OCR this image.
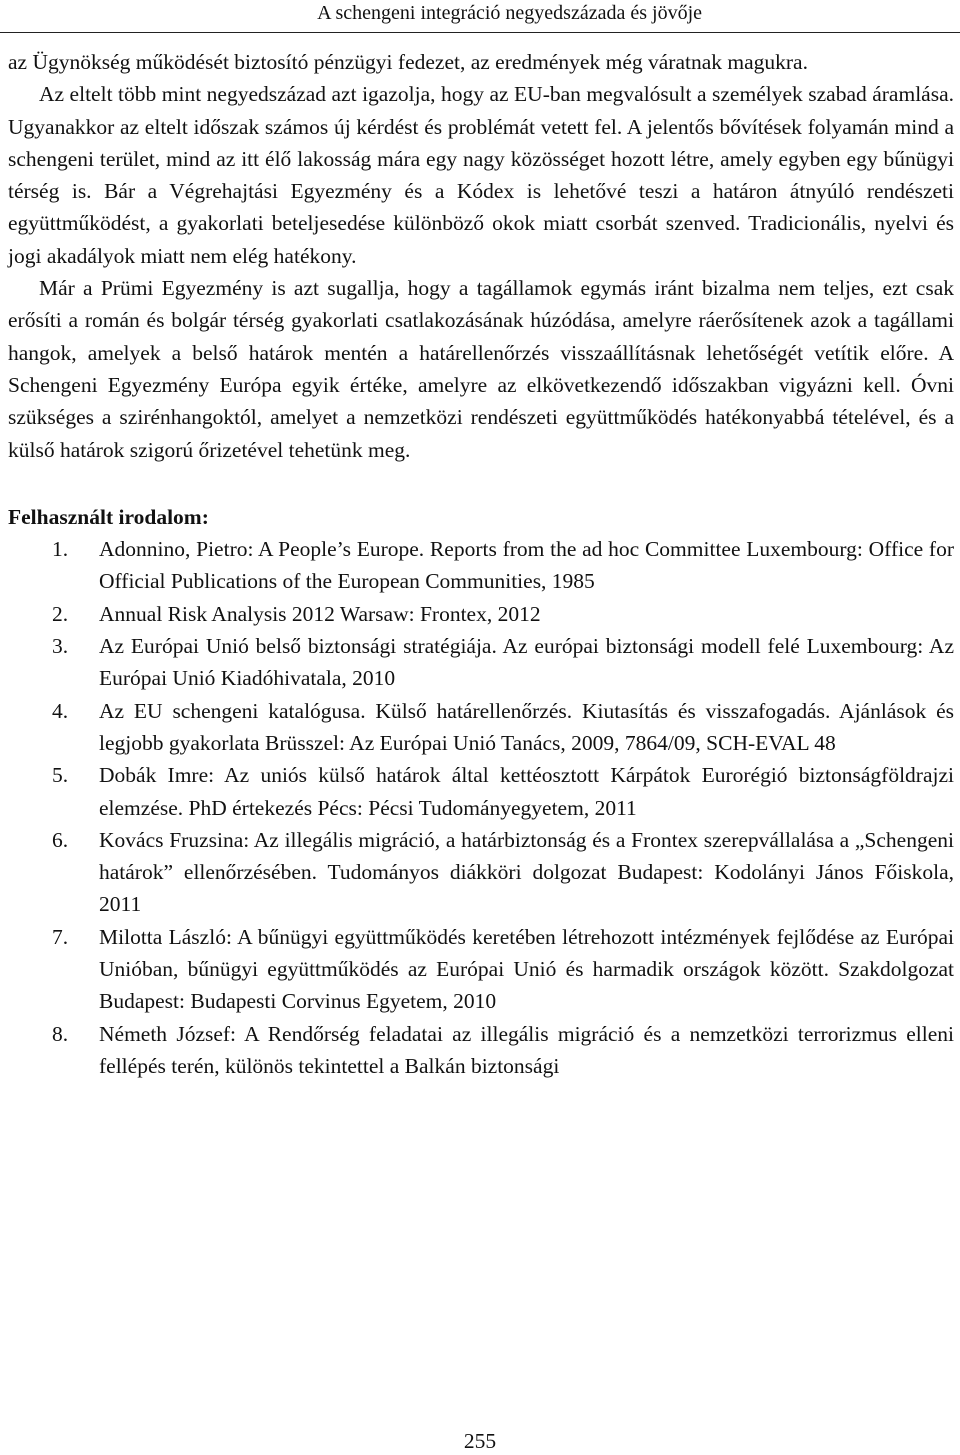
A schengeni integráció negyedszázada és jövője

az Ügynökség működését biztosító pénzügyi fedezet, az eredmények még váratnak magukra.

Az eltelt több mint negyedszázad azt igazolja, hogy az EU-ban megvalósult a személyek szabad áramlása. Ugyanakkor az eltelt időszak számos új kérdést és problémát vetett fel. A jelentős bővítések folyamán mind a schengeni terület, mind az itt élő lakosság mára egy nagy közösséget hozott létre, amely egyben egy bűnügyi térség is. Bár a Végrehajtási Egyezmény és a Kódex is lehetővé teszi a határon átnyúló rendészeti együttműködést, a gyakorlati beteljesedése különböző okok miatt csorbát szenved. Tradicionális, nyelvi és jogi akadályok miatt nem elég hatékony.

Már a Prümi Egyezmény is azt sugallja, hogy a tagállamok egymás iránt bizalma nem teljes, ezt csak erősíti a román és bolgár térség gyakorlati csatlakozásának húzódása, amelyre ráerősítenek azok a tagállami hangok, amelyek a belső határok mentén a határellenőrzés visszaállításnak lehetőségét vetítik előre. A Schengeni Egyezmény Európa egyik értéke, amelyre az elkövetkezendő időszakban vigyázni kell. Óvni szükséges a szirénhangoktól, amelyet a nemzetközi rendészeti együttműködés hatékonyabbá tételével, és a külső határok szigorú őrizetével tehetünk meg.

Felhasznált irodalom:
1. Adonnino, Pietro: A People’s Europe. Reports from the ad hoc Committee Luxembourg: Office for Official Publications of the European Communities, 1985
2. Annual Risk Analysis 2012 Warsaw: Frontex, 2012
3. Az Európai Unió belső biztonsági stratégiája. Az európai biztonsági modell felé Luxembourg: Az Európai Unió Kiadóhivatala, 2010
4. Az EU schengeni katalógusa. Külső határellenőrzés. Kiutasítás és visszafogadás. Ajánlások és legjobb gyakorlata Brüsszel: Az Európai Unió Tanács, 2009, 7864/09, SCH-EVAL 48
5. Dobák Imre: Az uniós külső határok által kettéosztott Kárpátok Eurorégió biztonságföldrajzi elemzése. PhD értekezés Pécs: Pécsi Tudományegyetem, 2011
6. Kovács Fruzsina: Az illegális migráció, a határbiztonság és a Frontex szerepvállalása a „Schengeni határok” ellenőrzésében. Tudományos diákköri dolgozat Budapest: Kodolányi János Főiskola, 2011
7. Milotta László: A bűnügyi együttműködés keretében létrehozott intézmények fejlődése az Európai Unióban, bűnügyi együttműködés az Európai Unió és harmadik országok között. Szakdolgozat Budapest: Budapesti Corvinus Egyetem, 2010
8. Németh József: A Rendőrség feladatai az illegális migráció és a nemzetközi terrorizmus elleni fellépés terén, különös tekintettel a Balkán biztonsági
255
